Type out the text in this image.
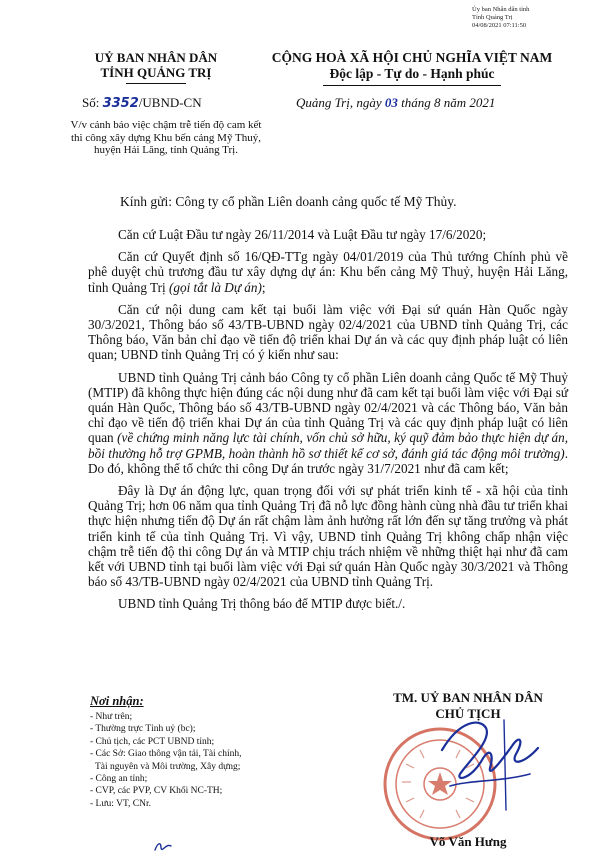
Ủy ban Nhân dân tỉnh
Tỉnh Quảng Trị
04/08/2021 07:11:50
UỶ BAN NHÂN DÂN
TỈNH QUẢNG TRỊ
CỘNG HOÀ XÃ HỘI CHỦ NGHĨA VIỆT NAM
Độc lập - Tự do - Hạnh phúc
Số: 3352/UBND-CN	Quảng Trị, ngày 03 tháng 8 năm 2021
V/v cảnh báo việc chậm trễ tiến độ cam kết thi công xây dựng Khu bến cảng Mỹ Thuỷ, huyện Hải Lăng, tỉnh Quảng Trị.
Kính gửi: Công ty cổ phần Liên doanh cảng quốc tế Mỹ Thủy.

Căn cứ Luật Đầu tư ngày 26/11/2014 và Luật Đầu tư ngày 17/6/2020;

Căn cứ Quyết định số 16/QĐ-TTg ngày 04/01/2019 của Thủ tướng Chính phủ về phê duyệt chủ trương đầu tư xây dựng dự án: Khu bến cảng Mỹ Thuỷ, huyện Hải Lăng, tỉnh Quảng Trị (gọi tắt là Dự án);

Căn cứ nội dung cam kết tại buổi làm việc với Đại sứ quán Hàn Quốc ngày 30/3/2021, Thông báo số 43/TB-UBND ngày 02/4/2021 của UBND tỉnh Quảng Trị, các Thông báo, Văn bản chỉ đạo về tiến độ triển khai Dự án và các quy định pháp luật có liên quan; UBND tỉnh Quảng Trị có ý kiến như sau:

UBND tỉnh Quảng Trị cảnh báo Công ty cổ phần Liên doanh cảng Quốc tế Mỹ Thuỷ (MTIP) đã không thực hiện đúng các nội dung như đã cam kết tại buổi làm việc với Đại sứ quán Hàn Quốc, Thông báo số 43/TB-UBND ngày 02/4/2021 và các Thông báo, Văn bản chỉ đạo về tiến độ triển khai Dự án của tỉnh Quảng Trị và các quy định pháp luật có liên quan (về chứng minh năng lực tài chính, vốn chủ sở hữu, ký quỹ đảm bảo thực hiện dự án, bồi thường hỗ trợ GPMB, hoàn thành hồ sơ thiết kế cơ sở, đánh giá tác động môi trường). Do đó, không thể tổ chức thi công Dự án trước ngày 31/7/2021 như đã cam kết;

Đây là Dự án động lực, quan trọng đối với sự phát triển kinh tế - xã hội của tỉnh Quảng Trị; hơn 06 năm qua tỉnh Quảng Trị đã nỗ lực đồng hành cùng nhà đầu tư triển khai thực hiện nhưng tiến độ Dự án rất chậm làm ảnh hưởng rất lớn đến sự tăng trưởng và phát triển kinh tế của tỉnh Quảng Trị. Vì vậy, UBND tỉnh Quảng Trị không chấp nhận việc chậm trễ tiến độ thi công Dự án và MTIP chịu trách nhiệm về những thiệt hại như đã cam kết với UBND tỉnh tại buổi làm việc với Đại sứ quán Hàn Quốc ngày 30/3/2021 và Thông báo số 43/TB-UBND ngày 02/4/2021 của UBND tỉnh Quảng Trị.

UBND tỉnh Quảng Trị thông báo để MTIP được biết./.

Nơi nhận:
- Như trên;
- Thường trực Tỉnh uỷ (bc);
- Chủ tịch, các PCT UBND tỉnh;
- Các Sở: Giao thông vận tải, Tài chính,
Tài nguyên và Môi trường, Xây dựng;
- Công an tỉnh;
- CVP, các PVP, CV Khối NC-TH;
- Lưu: VT, CNr.
TM. UỶ BAN NHÂN DÂN
CHỦ TỊCH
Võ Văn Hưng
